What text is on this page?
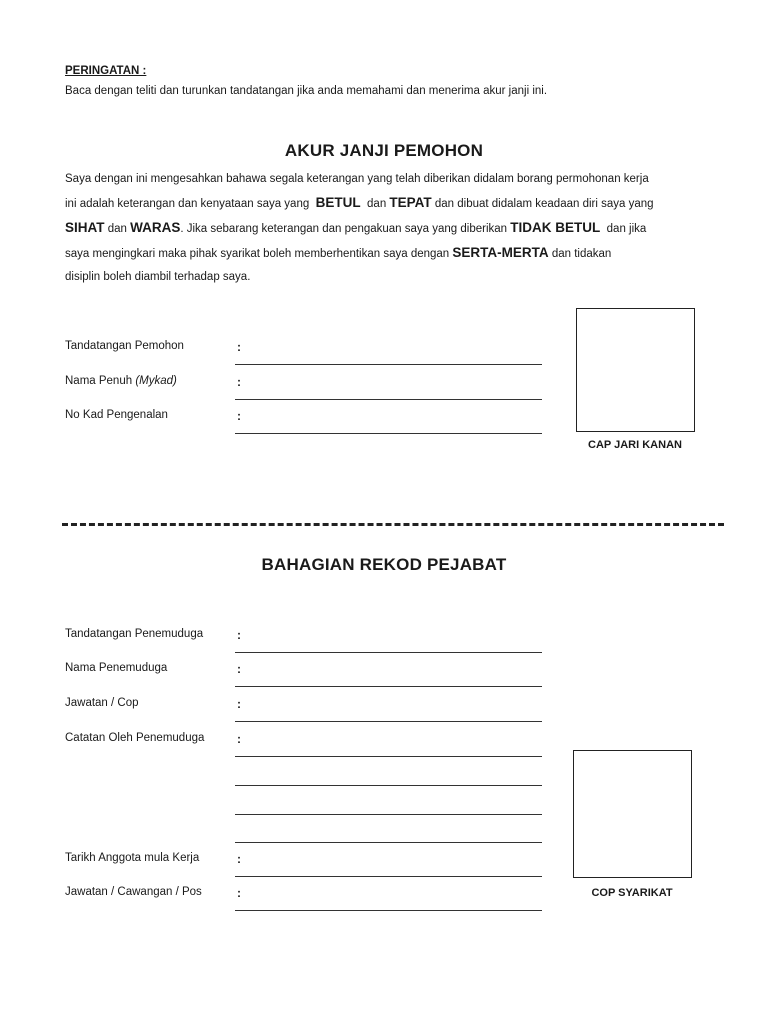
PERINGATAN :
Baca dengan teliti dan turunkan tandatangan jika anda memahami dan menerima akur janji ini.
AKUR JANJI PEMOHON
Saya dengan ini mengesahkan bahawa segala keterangan yang telah diberikan didalam borang permohonan kerja
ini adalah keterangan dan kenyataan saya yang BETUL dan TEPAT dan dibuat didalam keadaan diri saya yang
SIHAT dan WARAS. Jika sebarang keterangan dan pengakuan saya yang diberikan TIDAK BETUL dan jika
saya mengingkari maka pihak syarikat boleh memberhentikan saya dengan SERTA-MERTA dan tidakan
disiplin boleh diambil terhadap saya.
Tandatangan Pemohon	:
Nama Penuh (Mykad)	:
No Kad Pengenalan	:
CAP JARI KANAN
BAHAGIAN REKOD PEJABAT
Tandatangan Penemuduga	:
Nama Penemuduga	:
Jawatan / Cop	:
Catatan Oleh Penemuduga	:
Tarikh Anggota mula Kerja	:
Jawatan / Cawangan / Pos	:	COP SYARIKAT
